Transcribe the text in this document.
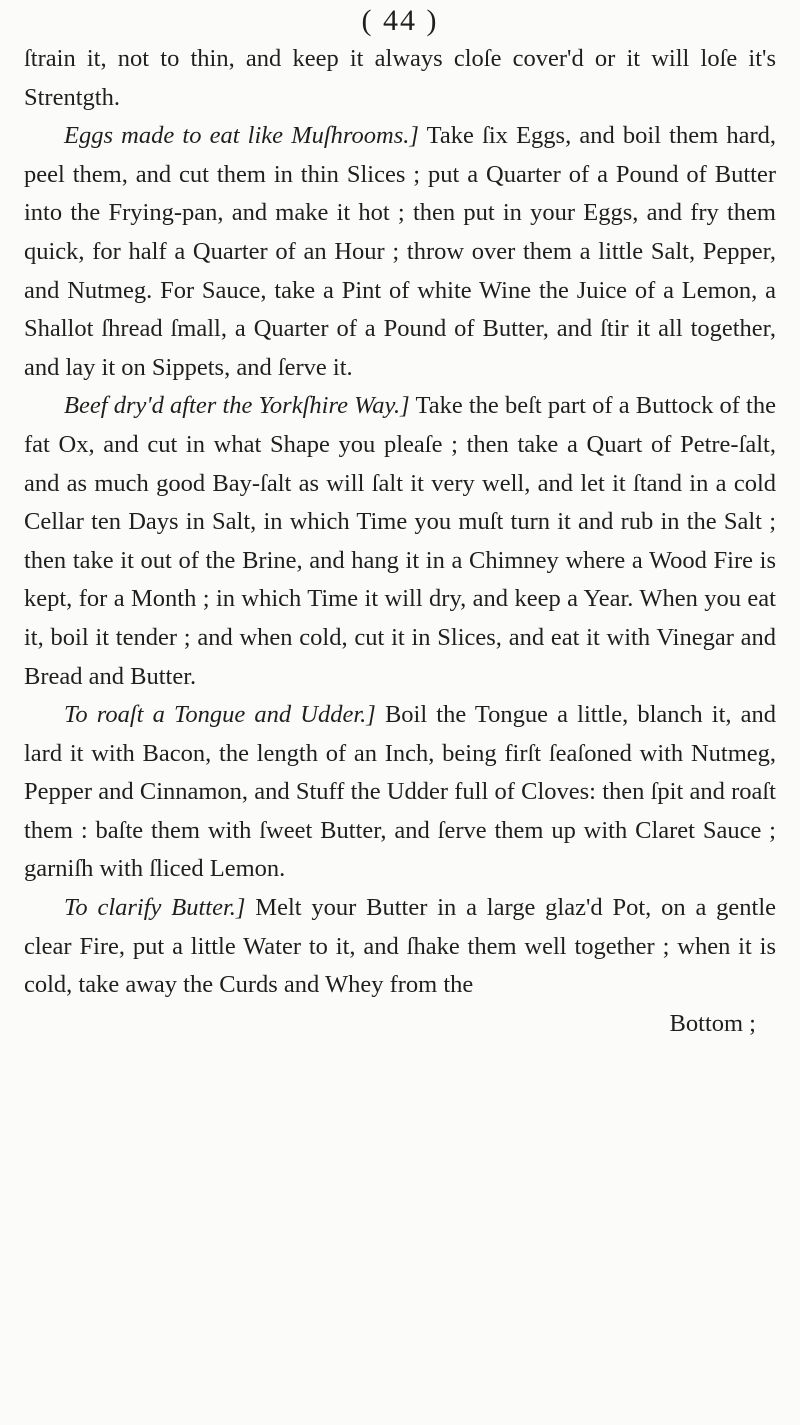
( 44 )

ſtrain it, not to thin, and keep it always cloſe cover'd or it will loſe it's Strentgth.

Eggs made to eat like Muſhrooms.] Take ſix Eggs, and boil them hard, peel them, and cut them in thin Slices ; put a Quarter of a Pound of Butter into the Frying-pan, and make it hot ; then put in your Eggs, and fry them quick, for half a Quarter of an Hour ; throw over them a little Salt, Pepper, and Nutmeg. For Sauce, take a Pint of white Wine the Juice of a Lemon, a Shallot ſhread ſmall, a Quarter of a Pound of Butter, and ſtir it all together, and lay it on Sippets, and ſerve it.

Beef dry'd after the Yorkſhire Way.] Take the beſt part of a Buttock of the fat Ox, and cut in what Shape you pleaſe ; then take a Quart of Petre-ſalt, and as much good Bay-ſalt as will ſalt it very well, and let it ſtand in a cold Cellar ten Days in Salt, in which Time you muſt turn it and rub in the Salt ; then take it out of the Brine, and hang it in a Chimney where a Wood Fire is kept, for a Month ; in which Time it will dry, and keep a Year. When you eat it, boil it tender ; and when cold, cut it in Slices, and eat it with Vinegar and Bread and Butter.

To roaſt a Tongue and Udder.] Boil the Tongue a little, blanch it, and lard it with Bacon, the length of an Inch, being firſt ſeaſoned with Nutmeg, Pepper and Cinnamon, and Stuff the Udder full of Cloves: then ſpit and roaſt them : baſte them with ſweet Butter, and ſerve them up with Claret Sauce ; garniſh with ſliced Lemon.

To clarify Butter.] Melt your Butter in a large glaz'd Pot, on a gentle clear Fire, put a little Water to it, and ſhake them well together ; when it is cold, take away the Curds and Whey from the

Bottom ;
